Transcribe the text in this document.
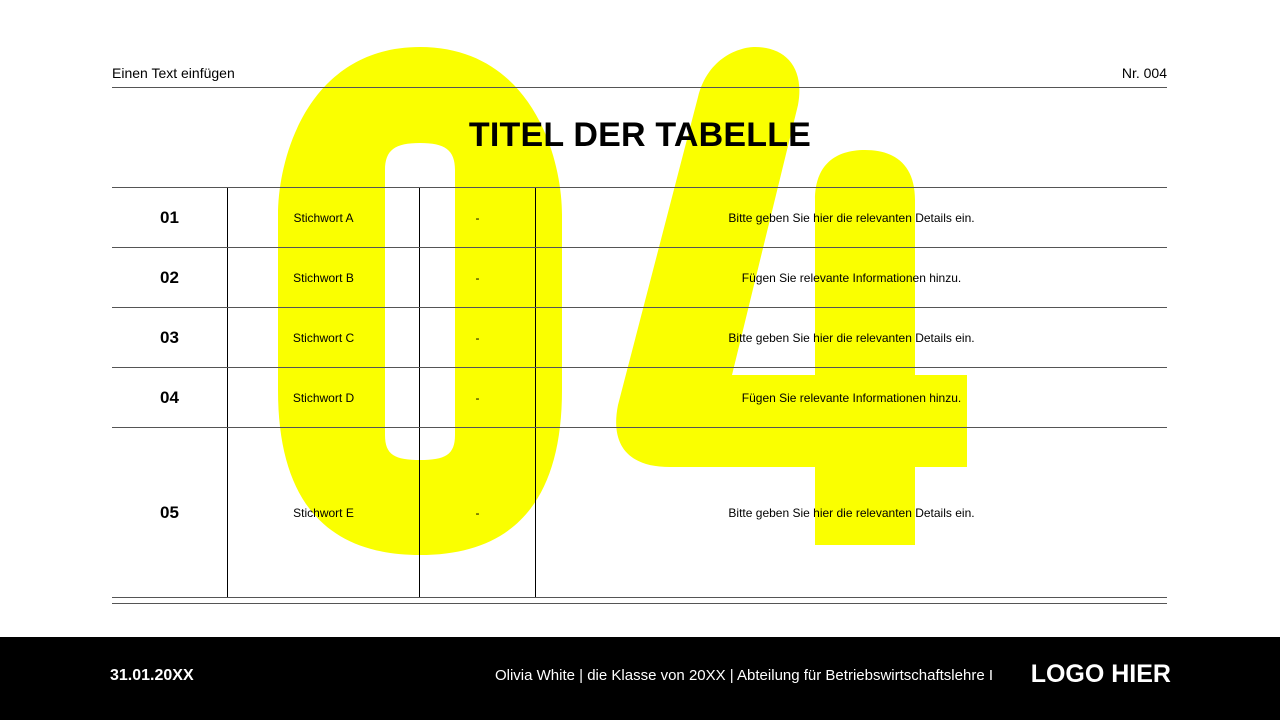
Einen Text einfügen	Nr. 004
TITEL DER TABELLE
01	Stichwort A	-	Bitte geben Sie hier die relevanten Details ein.
02	Stichwort B	-	Fügen Sie relevante Informationen hinzu.
03	Stichwort C	-	Bitte geben Sie hier die relevanten Details ein.
04	Stichwort D	-	Fügen Sie relevante Informationen hinzu.
05	Stichwort E	-	Bitte geben Sie hier die relevanten Details ein.
31.01.20XX	Olivia White | die Klasse von 20XX | Abteilung für Betriebswirtschaftslehre I LOGO HIER
